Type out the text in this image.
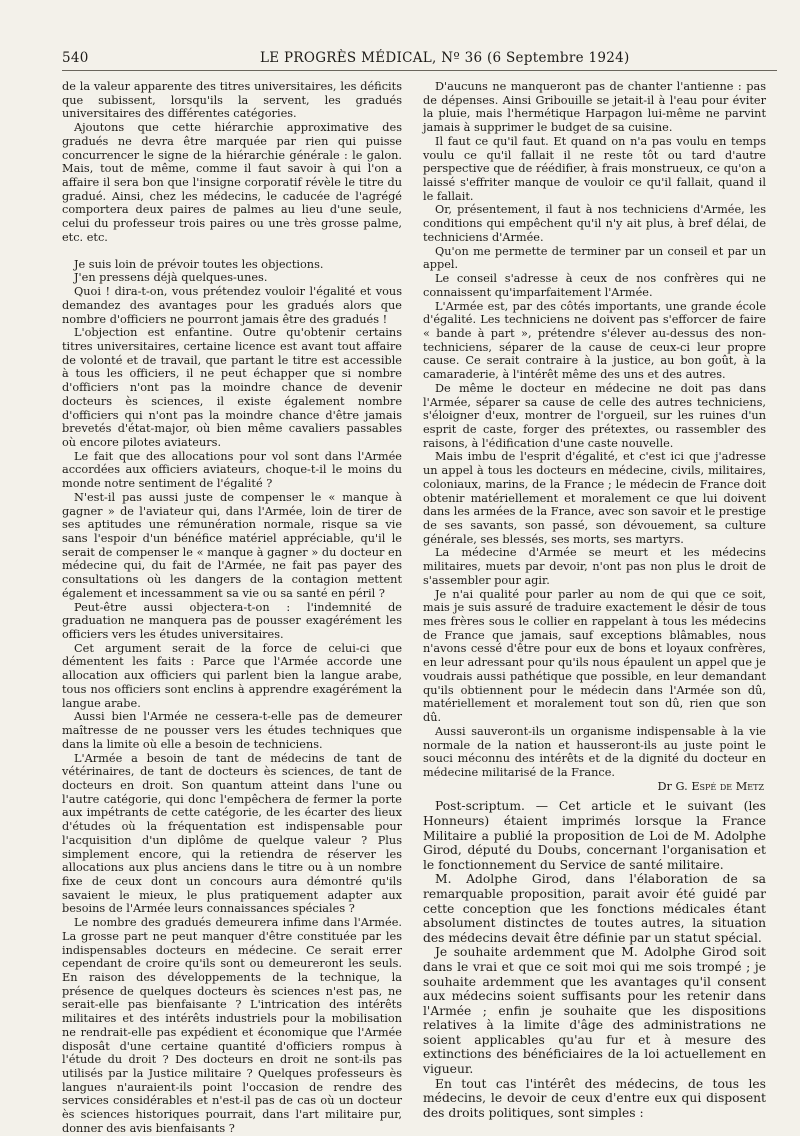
540	LE PROGRÈS MÉDICAL, Nº 36 (6 Septembre 1924)

de la valeur apparente des titres universitaires, les déficits que subissent, lorsqu'ils la servent, les gradués universitaires des différentes catégories.

Ajoutons que cette hiérarchie approximative des gradués ne devra être marquée par rien qui puisse concurrencer le signe de la hiérarchie générale : le galon. Mais, tout de même, comme il faut savoir à qui l'on a affaire il sera bon que l'insigne corporatif révèle le titre du gradué. Ainsi, chez les médecins, le caducée de l'agrégé comportera deux paires de palmes au lieu d'une seule, celui du professeur trois paires ou une très grosse palme, etc. etc.

Je suis loin de prévoir toutes les objections.

J'en pressens déjà quelques-unes.

Quoi ! dira-t-on, vous prétendez vouloir l'égalité et vous demandez des avantages pour les gradués alors que nombre d'officiers ne pourront jamais être des gradués !

L'objection est enfantine. Outre qu'obtenir certains titres universitaires, certaine licence est avant tout affaire de volonté et de travail, que partant le titre est accessible à tous les officiers, il ne peut échapper que si nombre d'officiers n'ont pas la moindre chance de devenir docteurs ès sciences, il existe également nombre d'officiers qui n'ont pas la moindre chance d'être jamais brevetés d'état-major, où bien même cavaliers passables où encore pilotes aviateurs.

Le fait que des allocations pour vol sont dans l'Armée accordées aux officiers aviateurs, choque-t-il le moins du monde notre sentiment de l'égalité ?

N'est-il pas aussi juste de compenser le « manque à gagner » de l'aviateur qui, dans l'Armée, loin de tirer de ses aptitudes une rémunération normale, risque sa vie sans l'espoir d'un bénéfice matériel appréciable, qu'il le serait de compenser le « manque à gagner » du docteur en médecine qui, du fait de l'Armée, ne fait pas payer des consultations où les dangers de la contagion mettent également et incessamment sa vie ou sa santé en péril ?

Peut-être aussi objectera-t-on : l'indemnité de graduation ne manquera pas de pousser exagérément les officiers vers les études universitaires.

Cet argument serait de la force de celui-ci que démentent les faits : Parce que l'Armée accorde une allocation aux officiers qui parlent bien la langue arabe, tous nos officiers sont enclins à apprendre exagérément la langue arabe.

Aussi bien l'Armée ne cessera-t-elle pas de demeurer maîtresse de ne pousser vers les études techniques que dans la limite où elle a besoin de techniciens.

L'Armée a besoin de tant de médecins de tant de vétérinaires, de tant de docteurs ès sciences, de tant de docteurs en droit. Son quantum atteint dans l'une ou l'autre catégorie, qui donc l'empêchera de fermer la porte aux impétrants de cette catégorie, de les écarter des lieux d'études où la fréquentation est indispensable pour l'acquisition d'un diplôme de quelque valeur ? Plus simplement encore, qui la retiendra de réserver les allocations aux plus anciens dans le titre ou à un nombre fixe de ceux dont un concours aura démontré qu'ils savaient le mieux, le plus pratiquement adapter aux besoins de l'Armée leurs connaissances spéciales ?

Le nombre des gradués demeurera infime dans l'Armée. La grosse part ne peut manquer d'être constituée par les indispensables docteurs en médecine. Ce serait errer cependant de croire qu'ils sont ou demeureront les seuls. En raison des développements de la technique, la présence de quelques docteurs ès sciences n'est pas, ne serait-elle pas bienfaisante ? L'intrication des intérêts militaires et des intérêts industriels pour la mobilisation ne rendrait-elle pas expédient et économique que l'Armée disposât d'une certaine quantité d'officiers rompus à l'étude du droit ? Des docteurs en droit ne sont-ils pas utilisés par la Justice militaire ? Quelques professeurs ès langues n'auraient-ils point l'occasion de rendre des services considérables et n'est-il pas de cas où un docteur ès sciences historiques pourrait, dans l'art militaire pur, donner des avis bienfaisants ?

D'aucuns ne manqueront pas de chanter l'antienne : pas de dépenses. Ainsi Gribouille se jetait-il à l'eau pour éviter la pluie, mais l'hermétique Harpagon lui-même ne parvint jamais à supprimer le budget de sa cuisine.

Il faut ce qu'il faut. Et quand on n'a pas voulu en temps voulu ce qu'il fallait il ne reste tôt ou tard d'autre perspective que de réédifier, à frais monstrueux, ce qu'on a laissé s'effriter manque de vouloir ce qu'il fallait, quand il le fallait.

Or, présentement, il faut à nos techniciens d'Armée, les conditions qui empêchent qu'il n'y ait plus, à bref délai, de techniciens d'Armée.

Qu'on me permette de terminer par un conseil et par un appel.

Le conseil s'adresse à ceux de nos confrères qui ne connaissent qu'imparfaitement l'Armée.

L'Armée est, par des côtés importants, une grande école d'égalité. Les techniciens ne doivent pas s'efforcer de faire « bande à part », prétendre s'élever au-dessus des non-techniciens, séparer de la cause de ceux-ci leur propre cause. Ce serait contraire à la justice, au bon goût, à la camaraderie, à l'intérêt même des uns et des autres.

De même le docteur en médecine ne doit pas dans l'Armée, séparer sa cause de celle des autres techniciens, s'éloigner d'eux, montrer de l'orgueil, sur les ruines d'un esprit de caste, forger des prétextes, ou rassembler des raisons, à l'édification d'une caste nouvelle.

Mais imbu de l'esprit d'égalité, et c'est ici que j'adresse un appel à tous les docteurs en médecine, civils, militaires, coloniaux, marins, de la France ; le médecin de France doit obtenir matériellement et moralement ce que lui doivent dans les armées de la France, avec son savoir et le prestige de ses savants, son passé, son dévouement, sa culture générale, ses blessés, ses morts, ses martyrs.

La médecine d'Armée se meurt et les médecins militaires, muets par devoir, n'ont pas non plus le droit de s'assembler pour agir.

Je n'ai qualité pour parler au nom de qui que ce soit, mais je suis assuré de traduire exactement le désir de tous mes frères sous le collier en rappelant à tous les médecins de France que jamais, sauf exceptions blâmables, nous n'avons cessé d'être pour eux de bons et loyaux confrères, en leur adressant pour qu'ils nous épaulent un appel que je voudrais aussi pathétique que possible, en leur demandant qu'ils obtiennent pour le médecin dans l'Armée son dû, matériellement et moralement tout son dû, rien que son dû.

Aussi sauveront-ils un organisme indispensable à la vie normale de la nation et hausseront-ils au juste point le souci méconnu des intérêts et de la dignité du docteur en médecine militarisé de la France.

Dr G. Espé de Metz

Post-scriptum. — Cet article et le suivant (les Honneurs) étaient imprimés lorsque la France Militaire a publié la proposition de Loi de M. Adolphe Girod, député du Doubs, concernant l'organisation et le fonctionnement du Service de santé militaire.

M. Adolphe Girod, dans l'élaboration de sa remarquable proposition, parait avoir été guidé par cette conception que les fonctions médicales étant absolument distinctes de toutes autres, la situation des médecins devait être définie par un statut spécial.

Je souhaite ardemment que M. Adolphe Girod soit dans le vrai et que ce soit moi qui me sois trompé ; je souhaite ardemment que les avantages qu'il consent aux médecins soient suffisants pour les retenir dans l'Armée ; enfin je souhaite que les dispositions relatives à la limite d'âge des administrations ne soient applicables qu'au fur et à mesure des extinctions des bénéficiaires de la loi actuellement en vigueur.

En tout cas l'intérêt des médecins, de tous les médecins, le devoir de ceux d'entre eux qui disposent des droits politiques, sont simples :
